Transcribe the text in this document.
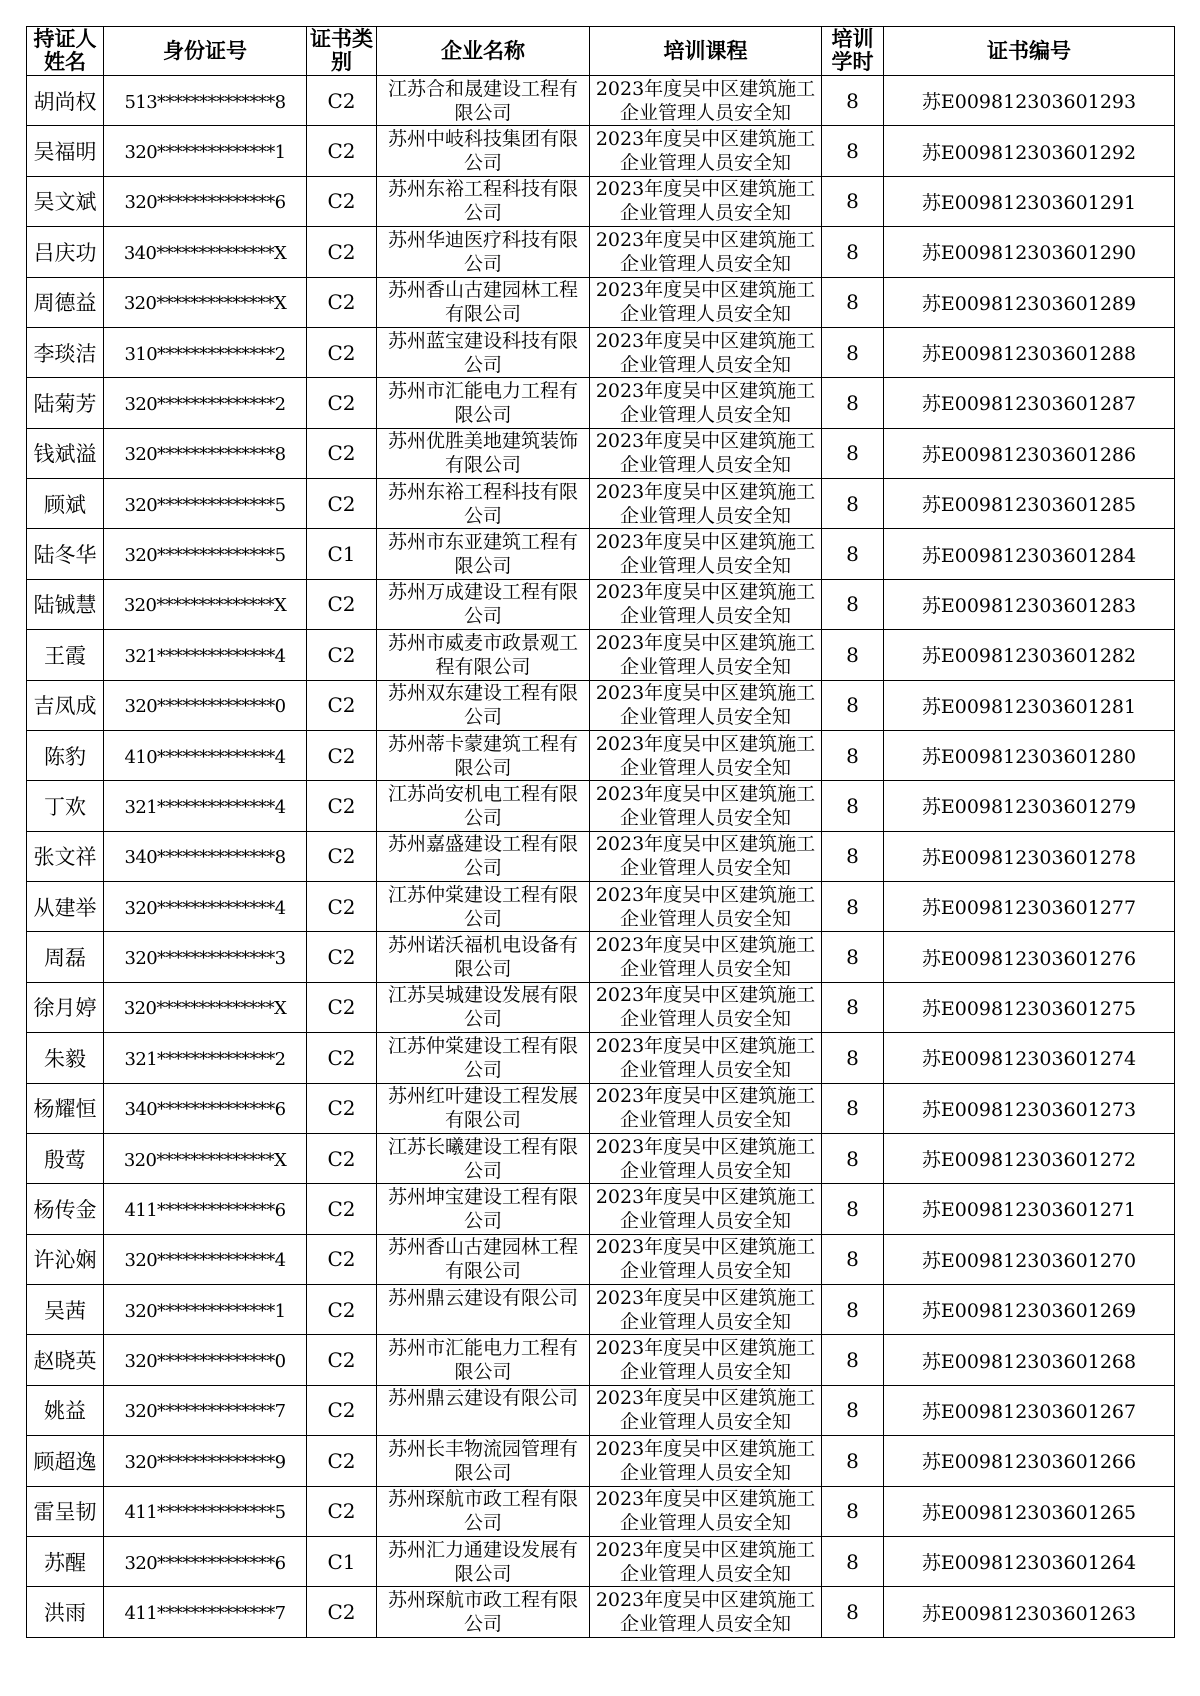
持证人姓名	身份证号	证书类别	企业名称	培训课程	培训学时	证书编号
胡尚权	513**************8	C2	江苏合和晟建设工程有限公司	2023年度吴中区建筑施工企业管理人员安全知	8	苏E009812303601293
吴福明	320**************1	C2	苏州中岐科技集团有限公司	2023年度吴中区建筑施工企业管理人员安全知	8	苏E009812303601292
吴文斌	320**************6	C2	苏州东裕工程科技有限公司	2023年度吴中区建筑施工企业管理人员安全知	8	苏E009812303601291
吕庆功	340**************X	C2	苏州华迪医疗科技有限公司	2023年度吴中区建筑施工企业管理人员安全知	8	苏E009812303601290
周德益	320**************X	C2	苏州香山古建园林工程有限公司	2023年度吴中区建筑施工企业管理人员安全知	8	苏E009812303601289
李琰洁	310**************2	C2	苏州蓝宝建设科技有限公司	2023年度吴中区建筑施工企业管理人员安全知	8	苏E009812303601288
陆菊芳	320**************2	C2	苏州市汇能电力工程有限公司	2023年度吴中区建筑施工企业管理人员安全知	8	苏E009812303601287
钱斌溢	320**************8	C2	苏州优胜美地建筑装饰有限公司	2023年度吴中区建筑施工企业管理人员安全知	8	苏E009812303601286
顾斌	320**************5	C2	苏州东裕工程科技有限公司	2023年度吴中区建筑施工企业管理人员安全知	8	苏E009812303601285
陆冬华	320**************5	C1	苏州市东亚建筑工程有限公司	2023年度吴中区建筑施工企业管理人员安全知	8	苏E009812303601284
陆铖慧	320**************X	C2	苏州万成建设工程有限公司	2023年度吴中区建筑施工企业管理人员安全知	8	苏E009812303601283
王霞	321**************4	C2	苏州市威麦市政景观工程有限公司	2023年度吴中区建筑施工企业管理人员安全知	8	苏E009812303601282
吉凤成	320**************0	C2	苏州双东建设工程有限公司	2023年度吴中区建筑施工企业管理人员安全知	8	苏E009812303601281
陈豹	410**************4	C2	苏州蒂卡蒙建筑工程有限公司	2023年度吴中区建筑施工企业管理人员安全知	8	苏E009812303601280
丁欢	321**************4	C2	江苏尚安机电工程有限公司	2023年度吴中区建筑施工企业管理人员安全知	8	苏E009812303601279
张文祥	340**************8	C2	苏州嘉盛建设工程有限公司	2023年度吴中区建筑施工企业管理人员安全知	8	苏E009812303601278
从建举	320**************4	C2	江苏仲棠建设工程有限公司	2023年度吴中区建筑施工企业管理人员安全知	8	苏E009812303601277
周磊	320**************3	C2	苏州诺沃福机电设备有限公司	2023年度吴中区建筑施工企业管理人员安全知	8	苏E009812303601276
徐月婷	320**************X	C2	江苏吴城建设发展有限公司	2023年度吴中区建筑施工企业管理人员安全知	8	苏E009812303601275
朱毅	321**************2	C2	江苏仲棠建设工程有限公司	2023年度吴中区建筑施工企业管理人员安全知	8	苏E009812303601274
杨耀恒	340**************6	C2	苏州红叶建设工程发展有限公司	2023年度吴中区建筑施工企业管理人员安全知	8	苏E009812303601273
殷莺	320**************X	C2	江苏长曦建设工程有限公司	2023年度吴中区建筑施工企业管理人员安全知	8	苏E009812303601272
杨传金	411**************6	C2	苏州坤宝建设工程有限公司	2023年度吴中区建筑施工企业管理人员安全知	8	苏E009812303601271
许沁娴	320**************4	C2	苏州香山古建园林工程有限公司	2023年度吴中区建筑施工企业管理人员安全知	8	苏E009812303601270
吴茜	320**************1	C2	苏州鼎云建设有限公司	2023年度吴中区建筑施工企业管理人员安全知	8	苏E009812303601269
赵晓英	320**************0	C2	苏州市汇能电力工程有限公司	2023年度吴中区建筑施工企业管理人员安全知	8	苏E009812303601268
姚益	320**************7	C2	苏州鼎云建设有限公司	2023年度吴中区建筑施工企业管理人员安全知	8	苏E009812303601267
顾超逸	320**************9	C2	苏州长丰物流园管理有限公司	2023年度吴中区建筑施工企业管理人员安全知	8	苏E009812303601266
雷呈韧	411**************5	C2	苏州琛航市政工程有限公司	2023年度吴中区建筑施工企业管理人员安全知	8	苏E009812303601265
苏醒	320**************6	C1	苏州汇力通建设发展有限公司	2023年度吴中区建筑施工企业管理人员安全知	8	苏E009812303601264
洪雨	411**************7	C2	苏州琛航市政工程有限公司	2023年度吴中区建筑施工企业管理人员安全知	8	苏E009812303601263
